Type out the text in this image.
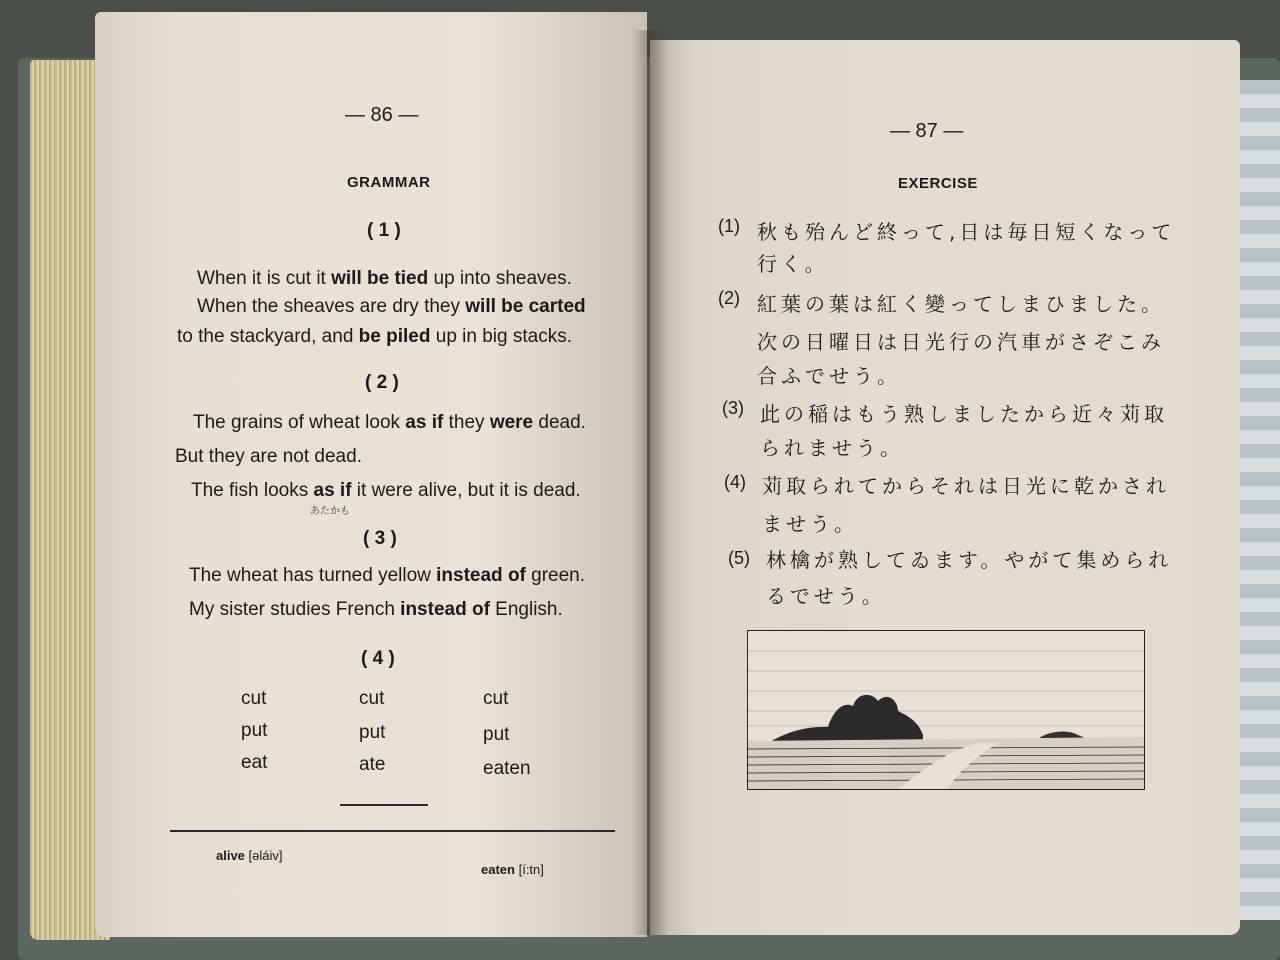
— 86 —
GRAMMAR
( 1 )
When it is cut it will be tied up into sheaves.
When the sheaves are dry they will be carted
to the stackyard, and be piled up in big stacks.
( 2 )
The grains of wheat look as if they were dead.
But they are not dead.
The fish looks as if it were alive, but it is dead.
あたかも
( 3 )
The wheat has turned yellow instead of green.
My sister studies French instead of English.
( 4 )
cut	cut	cut
put	put	put
eat	ate	eaten
alive [əláiv]
eaten [í:tn]
— 87 —
EXERCISE
(1) 秋も殆んど終って,日は毎日短くなって
行く。
(2) 紅葉の葉は紅く變ってしまひました。
次の日曜日は日光行の汽車がさぞこみ
合ふでせう。
(3) 此の稲はもう熟しましたから近々苅取
られませう。
(4) 苅取られてからそれは日光に乾かされ
ませう。
(5) 林檎が熟してゐます。やがて集められ
るでせう。
